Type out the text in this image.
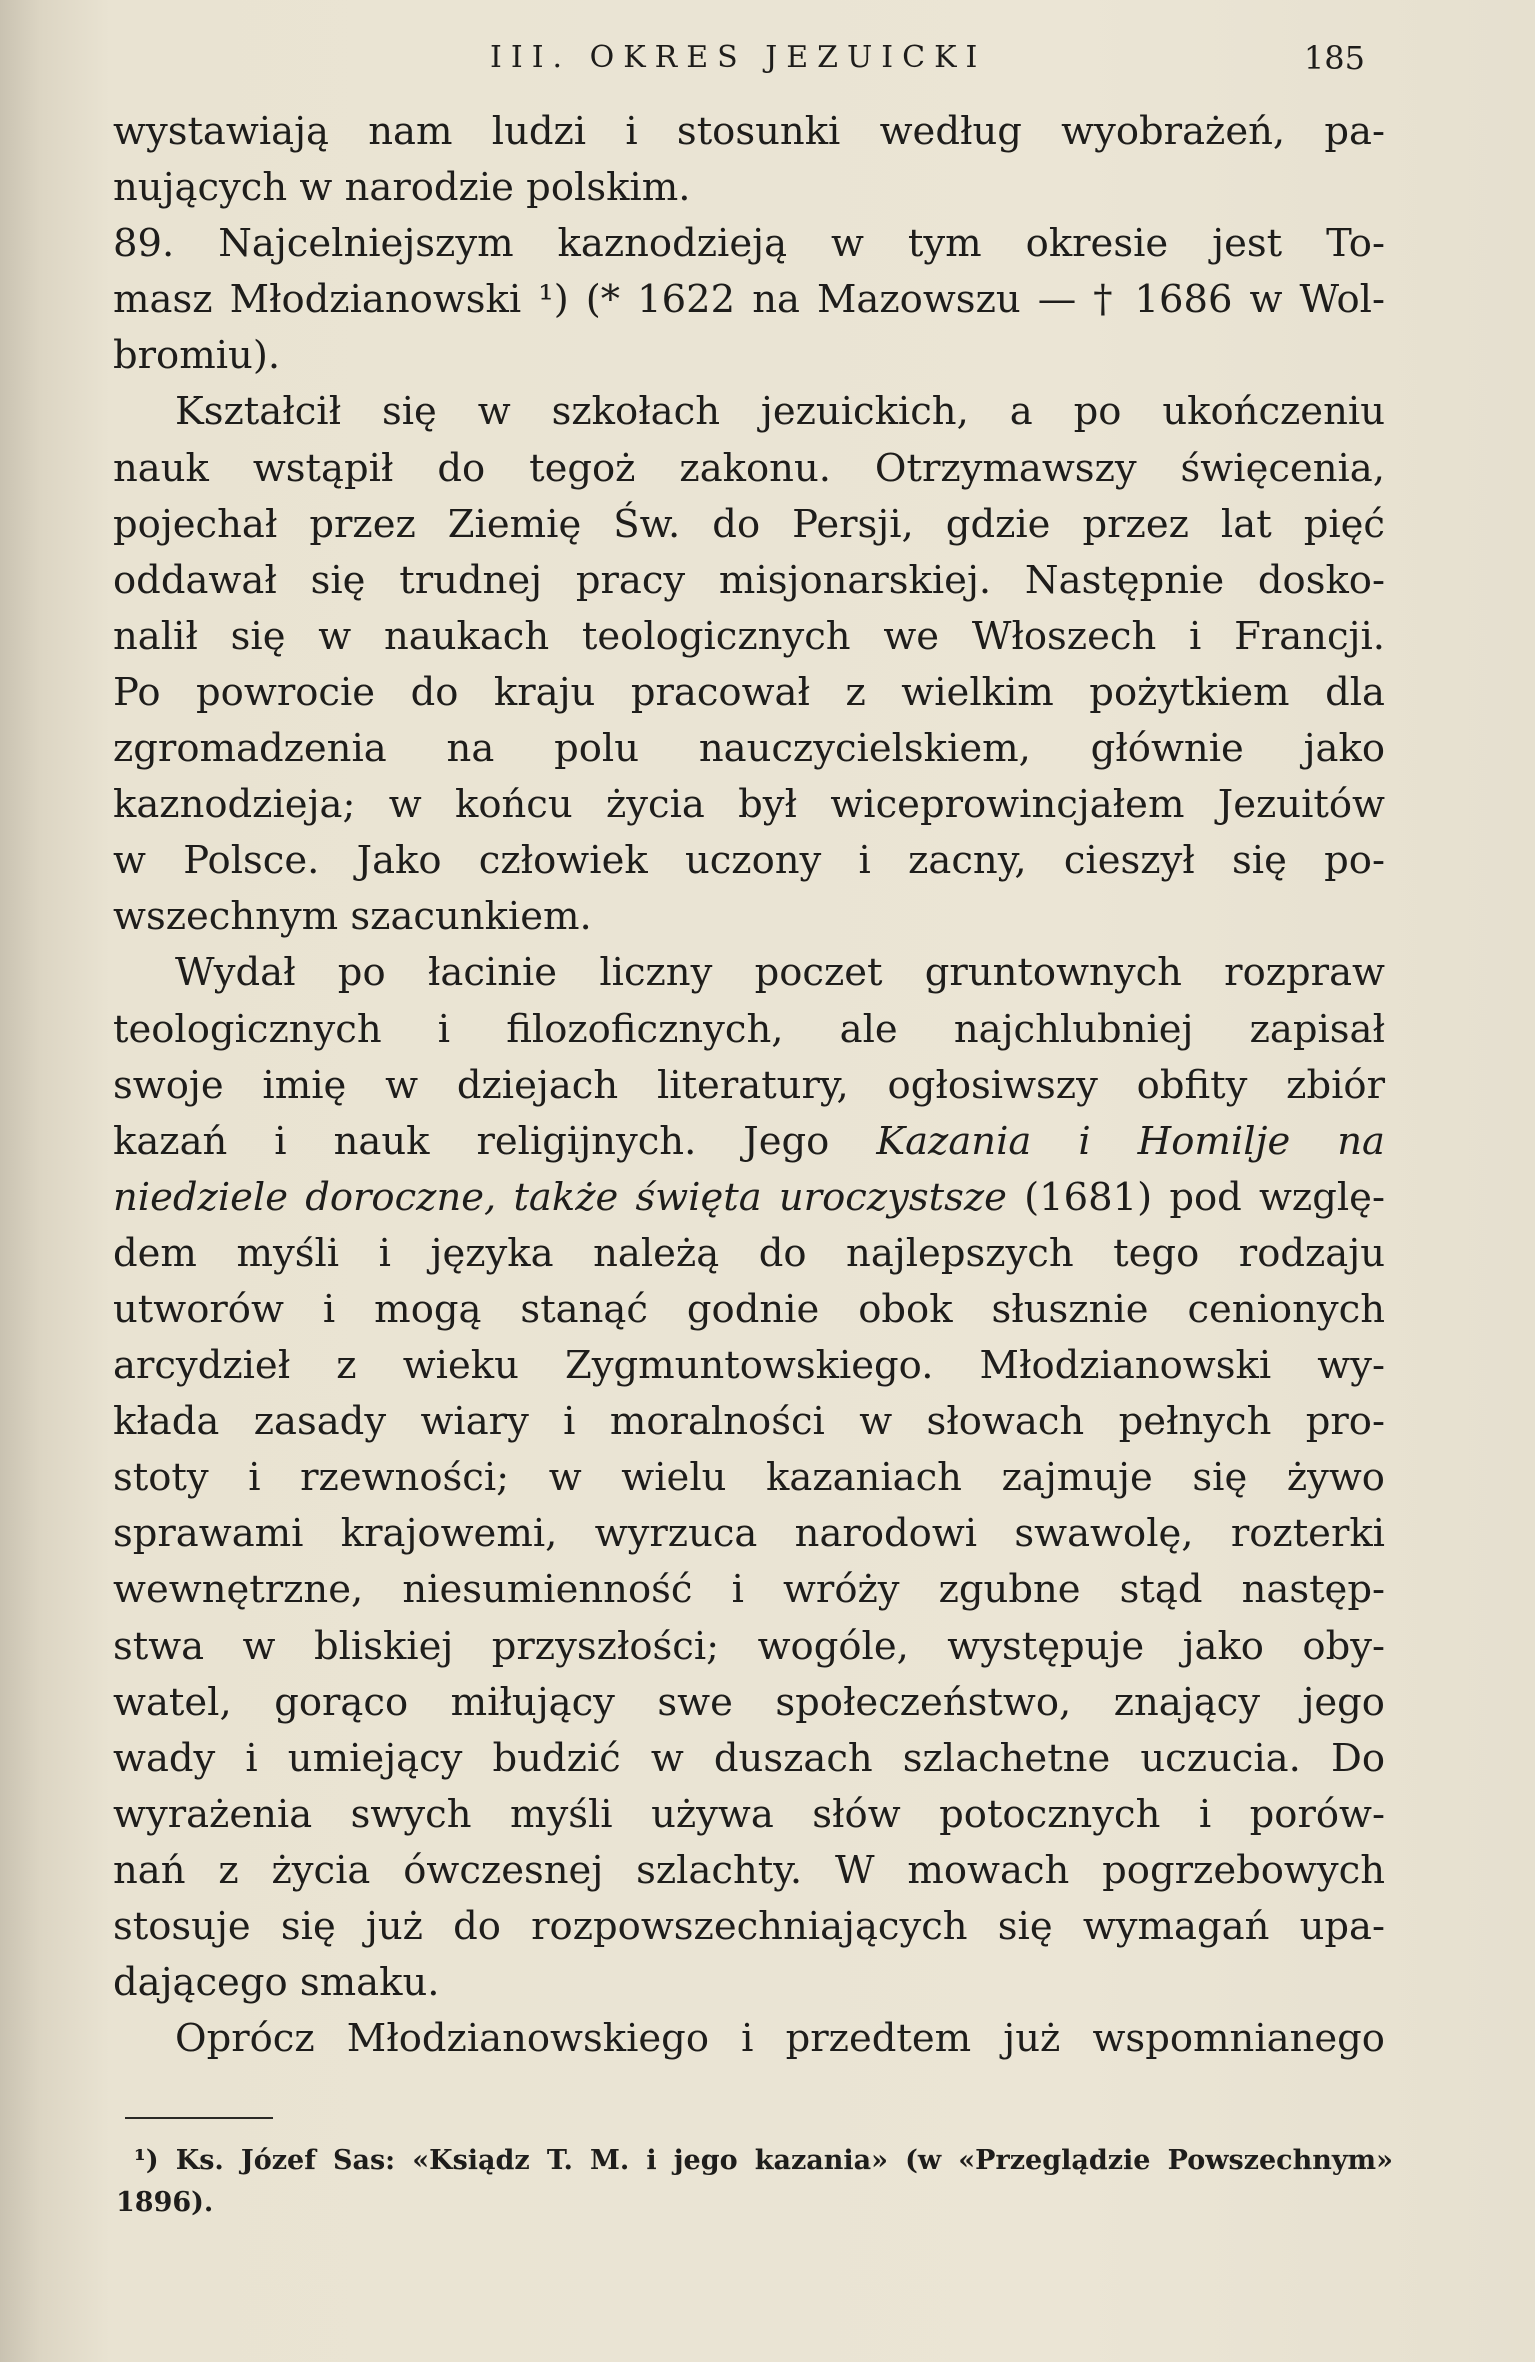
III. OKRES JEZUICKI	185
wystawiają nam ludzi i stosunki według wyobrażeń, pa-
nujących w narodzie polskim.
89. Najcelniejszym kaznodzieją w tym okresie jest To-
masz Młodzianowski ¹) (* 1622 na Mazowszu — † 1686 w Wol-
bromiu).
Kształcił się w szkołach jezuickich, a po ukończeniu
nauk wstąpił do tegoż zakonu. Otrzymawszy święcenia,
pojechał przez Ziemię Św. do Persji, gdzie przez lat pięć
oddawał się trudnej pracy misjonarskiej. Następnie dosko-
nalił się w naukach teologicznych we Włoszech i Francji.
Po powrocie do kraju pracował z wielkim pożytkiem dla
zgromadzenia na polu nauczycielskiem, głównie jako
kaznodzieja; w końcu życia był wiceprowincjałem Jezuitów
w Polsce. Jako człowiek uczony i zacny, cieszył się po-
wszechnym szacunkiem.
Wydał po łacinie liczny poczet gruntownych rozpraw
teologicznych i filozoficznych, ale najchlubniej zapisał
swoje imię w dziejach literatury, ogłosiwszy obfity zbiór
kazań i nauk religijnych. Jego Kazania i Homilje na
niedziele doroczne, także święta uroczystsze (1681) pod wzglę-
dem myśli i języka należą do najlepszych tego rodzaju
utworów i mogą stanąć godnie obok słusznie cenionych
arcydzieł z wieku Zygmuntowskiego. Młodzianowski wy-
kłada zasady wiary i moralności w słowach pełnych pro-
stoty i rzewności; w wielu kazaniach zajmuje się żywo
sprawami krajowemi, wyrzuca narodowi swawolę, rozterki
wewnętrzne, niesumienność i wróży zgubne stąd następ-
stwa w bliskiej przyszłości; wogóle, występuje jako oby-
watel, gorąco miłujący swe społeczeństwo, znający jego
wady i umiejący budzić w duszach szlachetne uczucia. Do
wyrażenia swych myśli używa słów potocznych i porów-
nań z życia ówczesnej szlachty. W mowach pogrzebowych
stosuje się już do rozpowszechniających się wymagań upa-
dającego smaku.
Oprócz Młodzianowskiego i przedtem już wspomnianego
¹) Ks. Józef Sas: «Ksiądz T. M. i jego kazania» (w «Przeglądzie Powszechnym»
1896).
